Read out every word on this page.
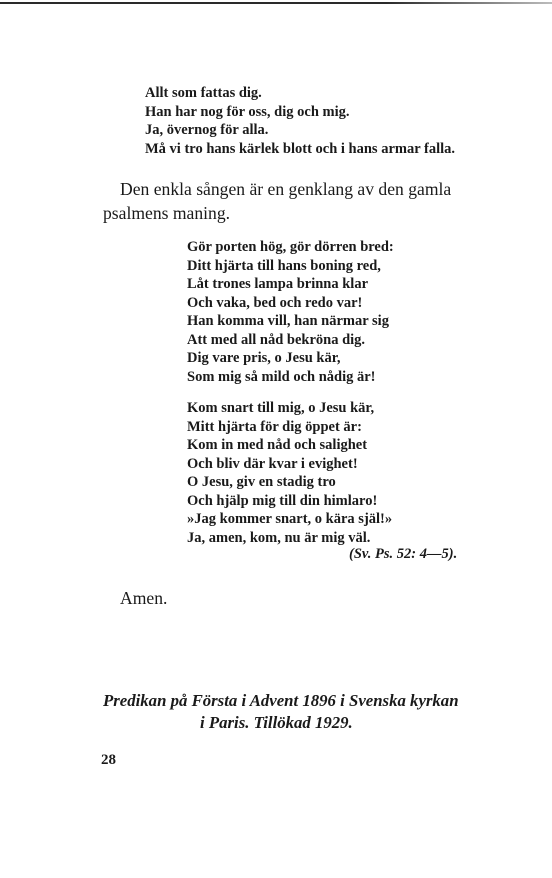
Allt som fattas dig.
Han har nog för oss, dig och mig.
Ja, övernog för alla.
Må vi tro hans kärlek blott och i hans armar falla.
Den enkla sången är en genklang av den gamla
psalmens maning.
Gör porten hög, gör dörren bred:
Ditt hjärta till hans boning red,
Låt trones lampa brinna klar
Och vaka, bed och redo var!
Han komma vill, han närmar sig
Att med all nåd bekröna dig.
Dig vare pris, o Jesu kär,
Som mig så mild och nådig är!
Kom snart till mig, o Jesu kär,
Mitt hjärta för dig öppet är:
Kom in med nåd och salighet
Och bliv där kvar i evighet!
O Jesu, giv en stadig tro
Och hjälp mig till din himlaro!
»Jag kommer snart, o kära själ!»
Ja, amen, kom, nu är mig väl.
(Sv. Ps. 52: 4—5).
Amen.
Predikan på Första i Advent 1896 i Svenska kyrkan
i Paris. Tillökad 1929.
28
